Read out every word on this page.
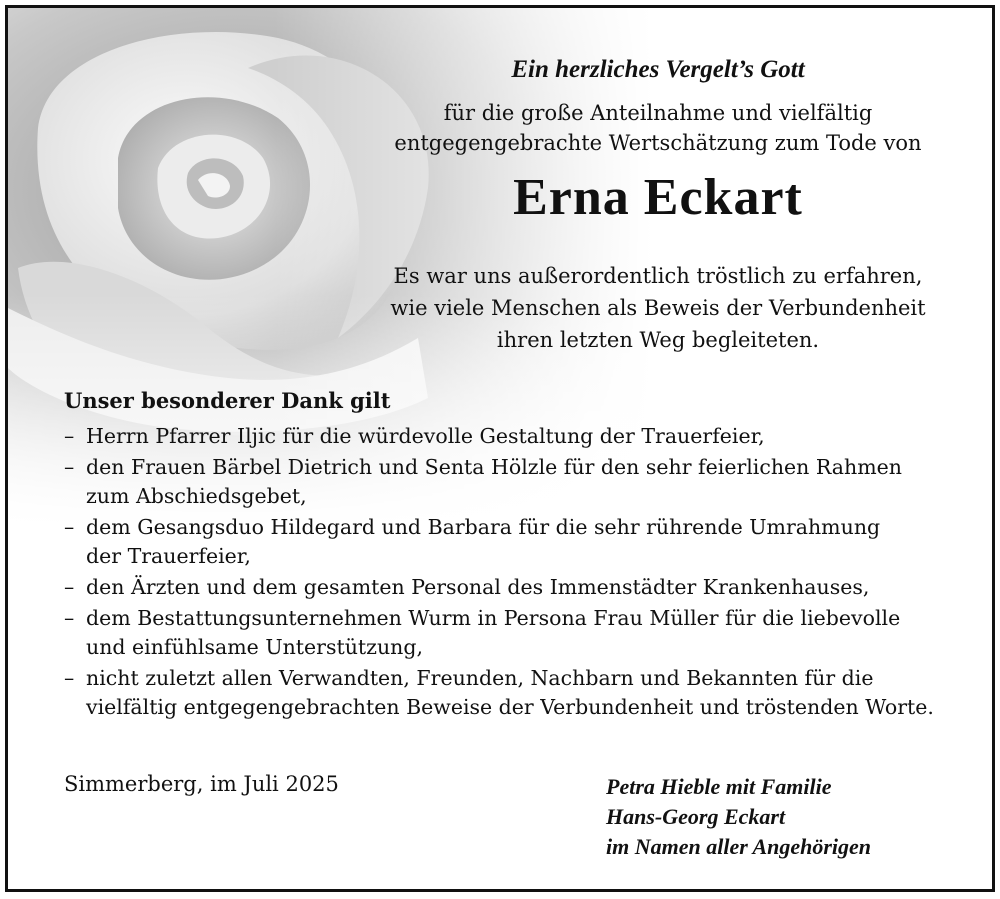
Ein herzliches Vergelt’s Gott
für die große Anteilnahme und vielfältig
entgegengebrachte Wertschätzung zum Tode von
Erna Eckart
Es war uns außerordentlich tröstlich zu erfahren,
wie viele Menschen als Beweis der Verbundenheit
ihren letzten Weg begleiteten.
Unser besonderer Dank gilt
– Herrn Pfarrer Iljic für die würdevolle Gestaltung der Trauerfeier,
– den Frauen Bärbel Dietrich und Senta Hölzle für den sehr feierlichen Rahmen
zum Abschiedsgebet,
– dem Gesangsduo Hildegard und Barbara für die sehr rührende Umrahmung
der Trauerfeier,
– den Ärzten und dem gesamten Personal des Immenstädter Krankenhauses,
– dem Bestattungsunternehmen Wurm in Persona Frau Müller für die liebevolle
und einfühlsame Unterstützung,
– nicht zuletzt allen Verwandten, Freunden, Nachbarn und Bekannten für die
vielfältig entgegengebrachten Beweise der Verbundenheit und tröstenden Worte.
Simmerberg, im Juli 2025	Petra Hieble mit Familie
Hans-Georg Eckart
im Namen aller Angehörigen
